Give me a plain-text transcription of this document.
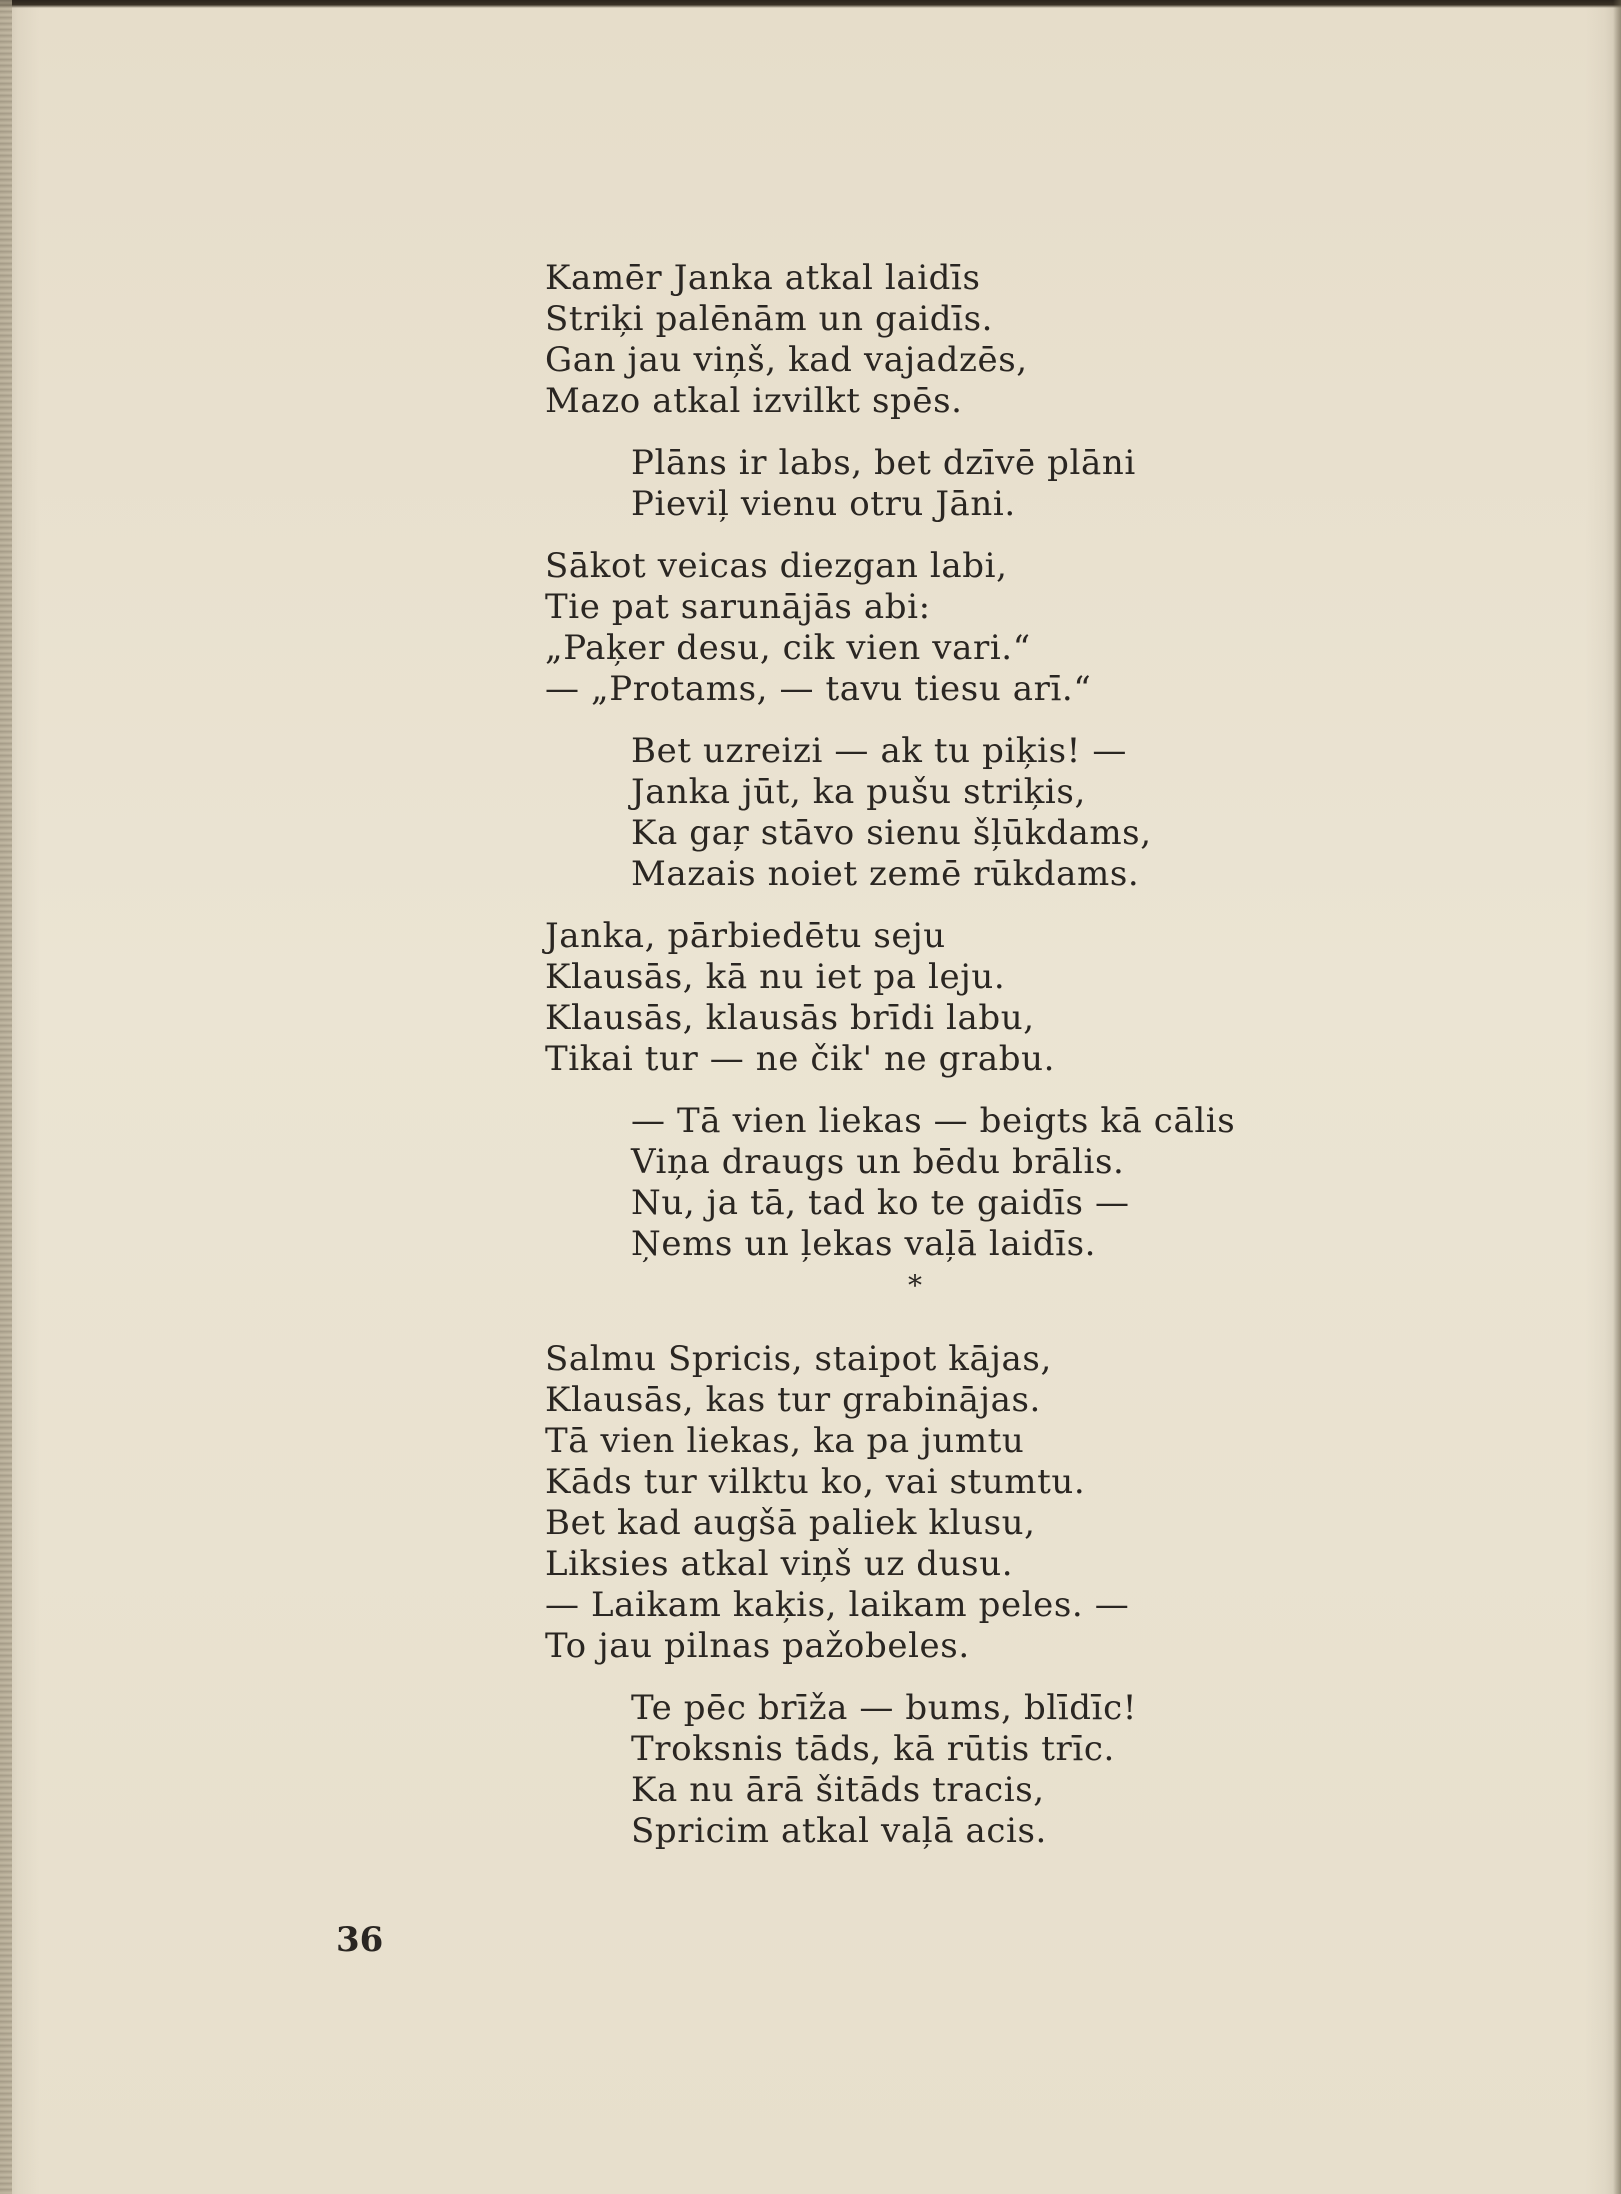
Kamēr Janka atkal laidīs
Striķi palēnām un gaidīs.
Gan jau viņš, kad vajadzēs,
Mazo atkal izvilkt spēs.
Plāns ir labs, bet dzīvē plāni
Pieviļ vienu otru Jāni.
Sākot veicas diezgan labi,
Tie pat sarunājās abi:
„Paķer desu, cik vien vari.“
— „Protams, — tavu tiesu arī.“
Bet uzreizi — ak tu piķis! —
Janka jūt, ka pušu striķis,
Ka gaŗ stāvo sienu šļūkdams,
Mazais noiet zemē rūkdams.
Janka, pārbiedētu seju
Klausās, kā nu iet pa leju.
Klausās, klausās brīdi labu,
Tikai tur — ne čik' ne grabu.
— Tā vien liekas — beigts kā cālis
Viņa draugs un bēdu brālis.
Nu, ja tā, tad ko te gaidīs —
Ņems un ļekas vaļā laidīs.
*
Salmu Spricis, staipot kājas,
Klausās, kas tur grabinājas.
Tā vien liekas, ka pa jumtu
Kāds tur vilktu ko, vai stumtu.
Bet kad augšā paliek klusu,
Liksies atkal viņš uz dusu.
— Laikam kaķis, laikam peles. —
To jau pilnas pažobeles.
Te pēc brīža — bums, blīdīc!
Troksnis tāds, kā rūtis trīc.
Ka nu ārā šitāds tracis,
Spricim atkal vaļā acis.
36
